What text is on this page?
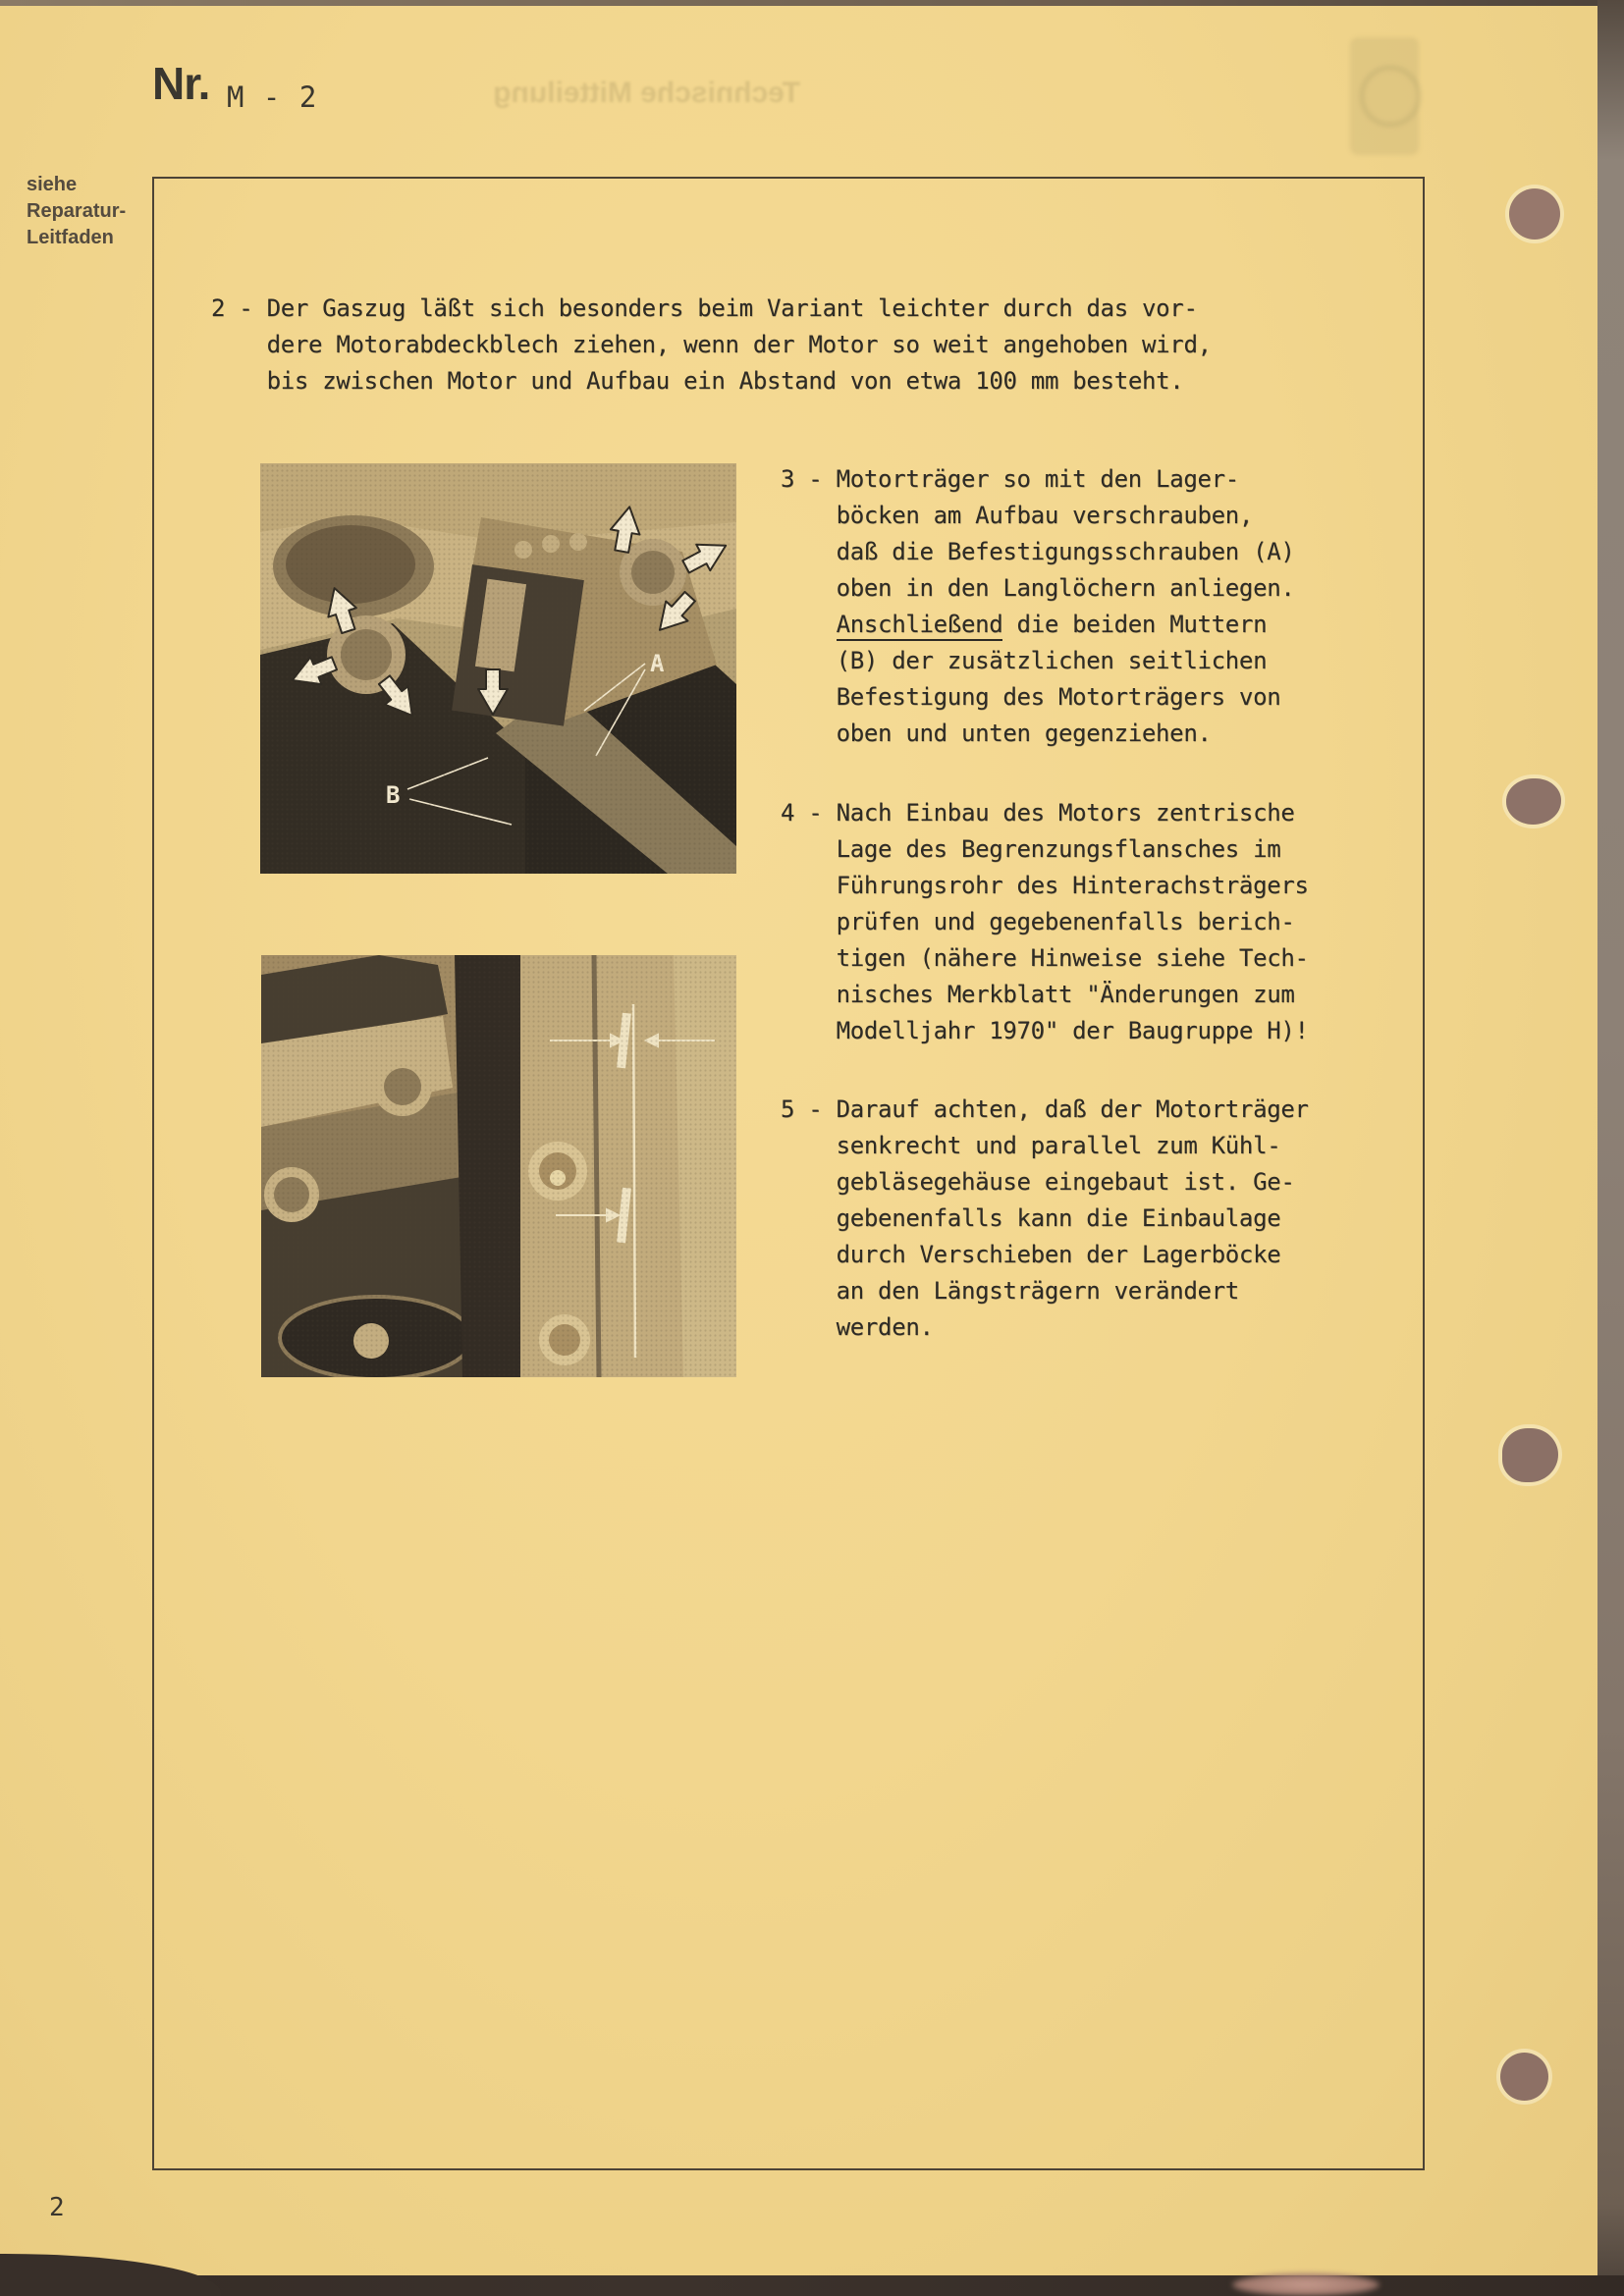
Technische Mitteilung
Nr. M - 2
siehe
Reparatur-
Leitfaden
2 - Der Gaszug läßt sich besonders beim Variant leichter durch das vor-
dere Motorabdeckblech ziehen, wenn der Motor so weit angehoben wird,
bis zwischen Motor und Aufbau ein Abstand von etwa 100 mm besteht.
3 - Motorträger so mit den Lager-
böcken am Aufbau verschrauben,
daß die Befestigungsschrauben (A)
oben in den Langlöchern anliegen.
Anschließend die beiden Muttern
(B) der zusätzlichen seitlichen
Befestigung des Motorträgers von
oben und unten gegenziehen.
4 - Nach Einbau des Motors zentrische
Lage des Begrenzungsflansches im
Führungsrohr des Hinterachsträgers
prüfen und gegebenenfalls berich-
tigen (nähere Hinweise siehe Tech-
nisches Merkblatt "Änderungen zum
Modelljahr 1970" der Baugruppe H)!
5 - Darauf achten, daß der Motorträger
senkrecht und parallel zum Kühl-
gebläsegehäuse eingebaut ist. Ge-
gebenenfalls kann die Einbaulage
durch Verschieben der Lagerböcke
an den Längsträgern verändert
werden.
2
